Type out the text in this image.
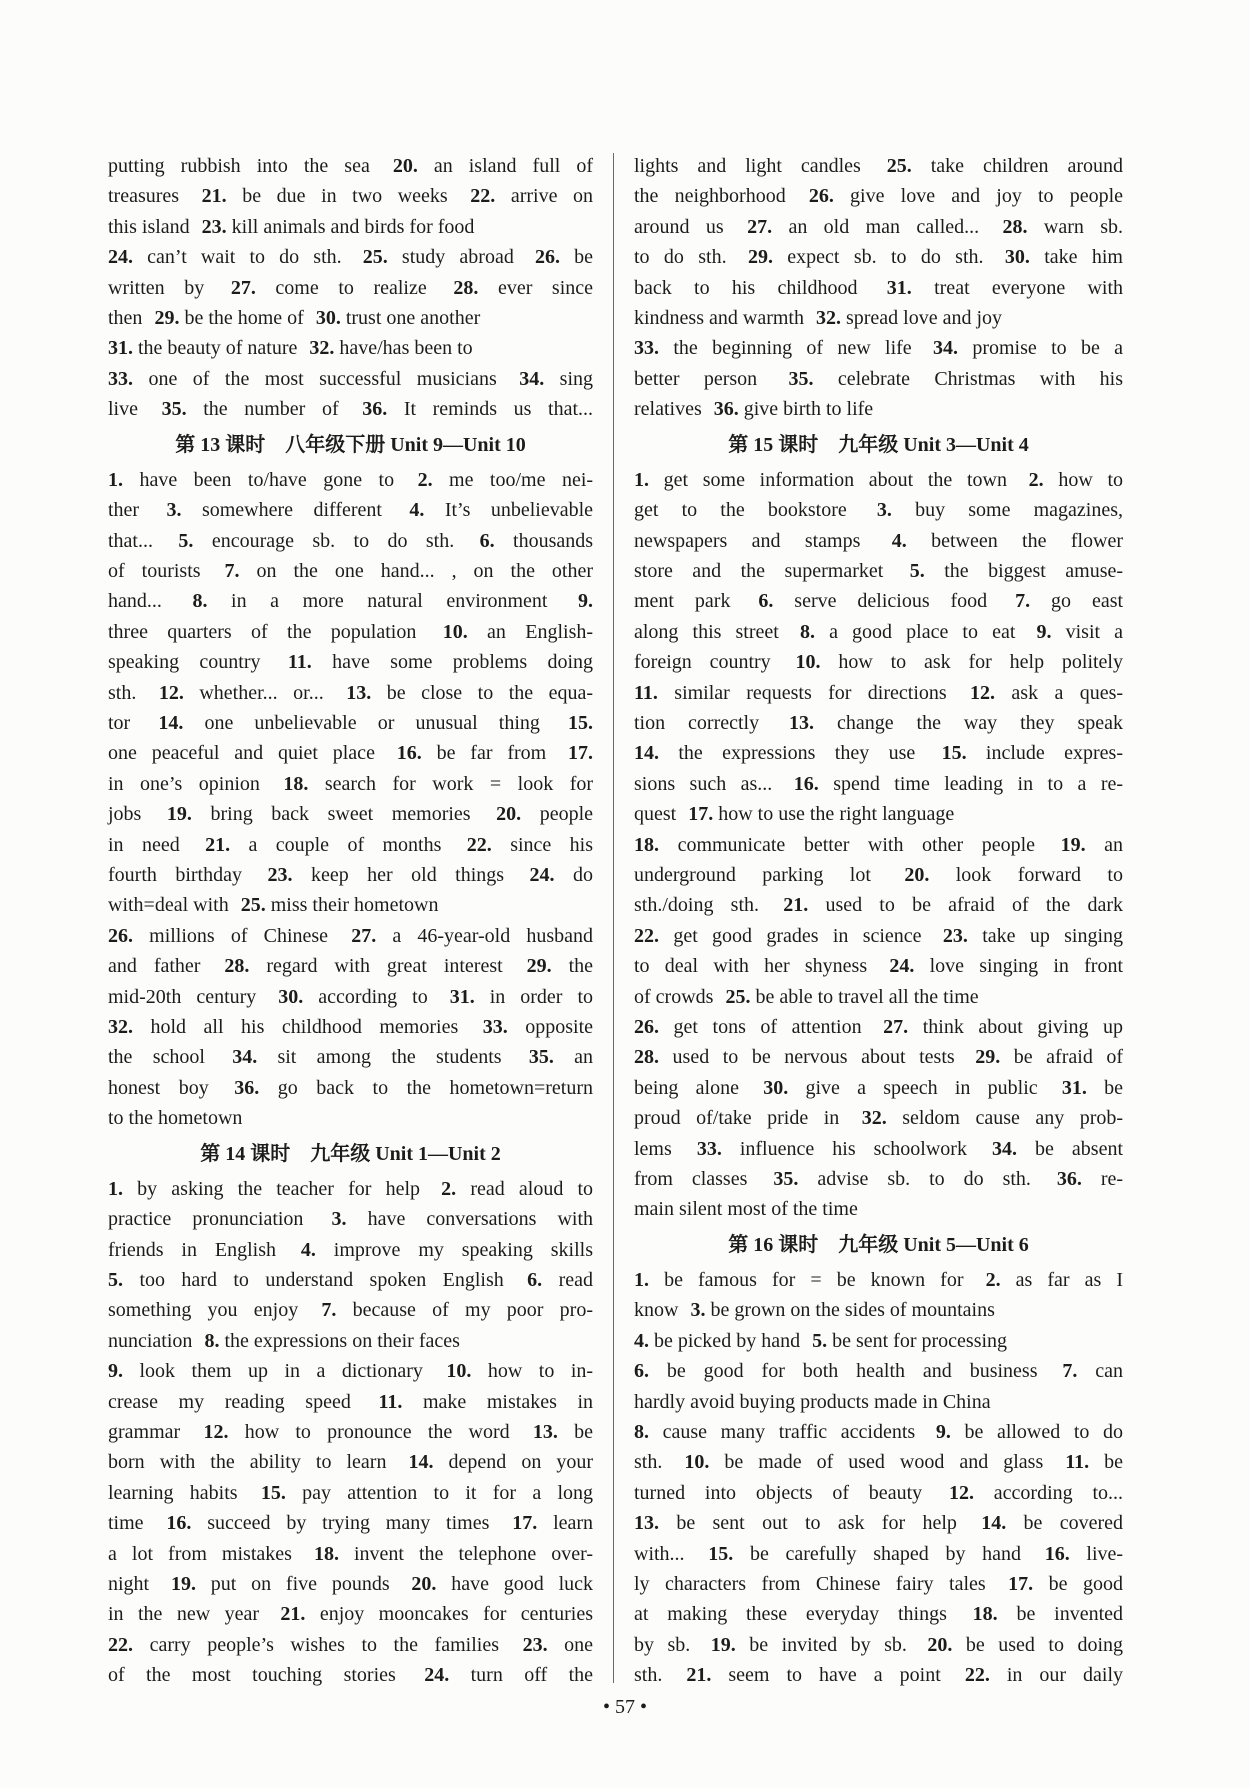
putting rubbish into the sea 20. an island full of
treasures 21. be due in two weeks 22. arrive on
this island 23. kill animals and birds for food
24. can’t wait to do sth. 25. study abroad 26. be
written by 27. come to realize 28. ever since
then 29. be the home of 30. trust one another
31. the beauty of nature 32. have/has been to
33. one of the most successful musicians 34. sing
live 35. the number of 36. It reminds us that...
第 13 课时　八年级下册 Unit 9—Unit 10
1. have been to/have gone to 2. me too/me nei-
ther 3. somewhere different 4. It’s unbelievable
that... 5. encourage sb. to do sth. 6. thousands
of tourists 7. on the one hand... , on the other
hand... 8. in a more natural environment 9.
three quarters of the population 10. an English-
speaking country 11. have some problems doing
sth. 12. whether... or... 13. be close to the equa-
tor 14. one unbelievable or unusual thing 15.
one peaceful and quiet place 16. be far from 17.
in one’s opinion 18. search for work = look for
jobs 19. bring back sweet memories 20. people
in need 21. a couple of months 22. since his
fourth birthday 23. keep her old things 24. do
with=deal with 25. miss their hometown
26. millions of Chinese 27. a 46-year-old husband
and father 28. regard with great interest 29. the
mid-20th century 30. according to 31. in order to
32. hold all his childhood memories 33. opposite
the school 34. sit among the students 35. an
honest boy 36. go back to the hometown=return
to the hometown
第 14 课时　九年级 Unit 1—Unit 2
1. by asking the teacher for help 2. read aloud to
practice pronunciation 3. have conversations with
friends in English 4. improve my speaking skills
5. too hard to understand spoken English 6. read
something you enjoy 7. because of my poor pro-
nunciation 8. the expressions on their faces
9. look them up in a dictionary 10. how to in-
crease my reading speed 11. make mistakes in
grammar 12. how to pronounce the word 13. be
born with the ability to learn 14. depend on your
learning habits 15. pay attention to it for a long
time 16. succeed by trying many times 17. learn
a lot from mistakes 18. invent the telephone over-
night 19. put on five pounds 20. have good luck
in the new year 21. enjoy mooncakes for centuries
22. carry people’s wishes to the families 23. one
of the most touching stories 24. turn off the
lights and light candles 25. take children around
the neighborhood 26. give love and joy to people
around us 27. an old man called... 28. warn sb.
to do sth. 29. expect sb. to do sth. 30. take him
back to his childhood 31. treat everyone with
kindness and warmth 32. spread love and joy
33. the beginning of new life 34. promise to be a
better person 35. celebrate Christmas with his
relatives 36. give birth to life
第 15 课时　九年级 Unit 3—Unit 4
1. get some information about the town 2. how to
get to the bookstore 3. buy some magazines,
newspapers and stamps 4. between the flower
store and the supermarket 5. the biggest amuse-
ment park 6. serve delicious food 7. go east
along this street 8. a good place to eat 9. visit a
foreign country 10. how to ask for help politely
11. similar requests for directions 12. ask a ques-
tion correctly 13. change the way they speak
14. the expressions they use 15. include expres-
sions such as... 16. spend time leading in to a re-
quest 17. how to use the right language
18. communicate better with other people 19. an
underground parking lot 20. look forward to
sth./doing sth. 21. used to be afraid of the dark
22. get good grades in science 23. take up singing
to deal with her shyness 24. love singing in front
of crowds 25. be able to travel all the time
26. get tons of attention 27. think about giving up
28. used to be nervous about tests 29. be afraid of
being alone 30. give a speech in public 31. be
proud of/take pride in 32. seldom cause any prob-
lems 33. influence his schoolwork 34. be absent
from classes 35. advise sb. to do sth. 36. re-
main silent most of the time
第 16 课时　九年级 Unit 5—Unit 6
1. be famous for = be known for 2. as far as I
know 3. be grown on the sides of mountains
4. be picked by hand 5. be sent for processing
6. be good for both health and business 7. can
hardly avoid buying products made in China
8. cause many traffic accidents 9. be allowed to do
sth. 10. be made of used wood and glass 11. be
turned into objects of beauty 12. according to...
13. be sent out to ask for help 14. be covered
with... 15. be carefully shaped by hand 16. live-
ly characters from Chinese fairy tales 17. be good
at making these everyday things 18. be invented
by sb. 19. be invited by sb. 20. be used to doing
sth. 21. seem to have a point 22. in our daily
• 57 •
